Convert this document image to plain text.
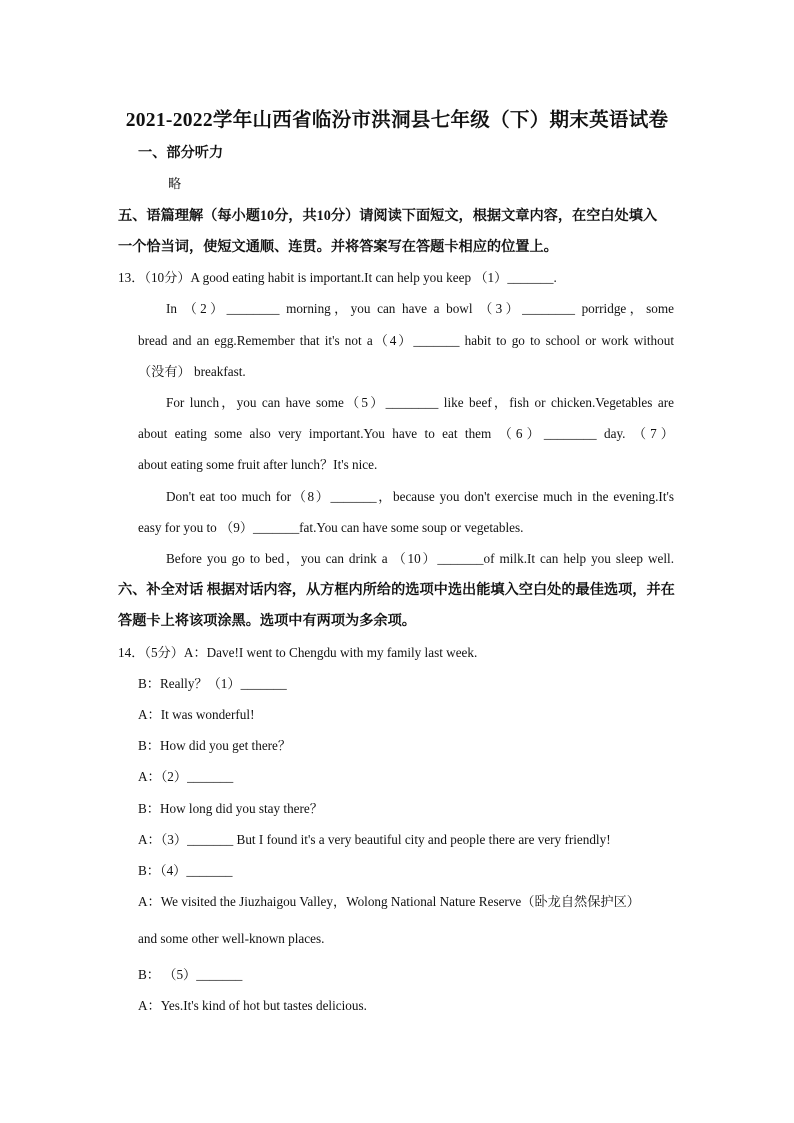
2021-2022学年山西省临汾市洪洞县七年级（下）期末英语试卷
一、部分听力
略
五、语篇理解（每小题10分，共10分）请阅读下面短文，根据文章内容，在空白处填入
一个恰当词，使短文通顺、连贯。并将答案写在答题卡相应的位置上。
13．（10分）A good eating habit is important.It can help you keep （1）_______.
In （2）________ morning，you can have a bowl （3）________ porridge，some
bread and an egg.Remember that it's not a（4）_______ habit to go to school or work without
（没有） breakfast.
For lunch，you can have some（5）________ like beef，fish or chicken.Vegetables are
about eating some also very important.You have to eat them （6）________ day. （7）
about eating some fruit after lunch？It's nice.
Don't eat too much for（8）_______，because you don't exercise much in the evening.It's
easy for you to （9）_______fat.You can have some soup or vegetables.
Before you go to bed，you can drink a （10）_______of milk.It can help you sleep well.
六、补全对话 根据对话内容，从方框内所给的选项中选出能填入空白处的最佳选项，并在
答题卡上将该项涂黑。选项中有两项为多余项。
14．（5分）A：Dave!I went to Chengdu with my family last week.
B：Really？（1）_______
A：It was wonderful!
B：How did you get there？
A：（2）_______
B：How long did you stay there？
A：（3）_______ But I found it's a very beautiful city and people there are very friendly!
B：（4）_______
A：We visited the Jiuzhaigou Valley，Wolong National Nature Reserve（卧龙自然保护区）
and some other well-known places.
B： （5）_______
A：Yes.It's kind of hot but tastes delicious.
